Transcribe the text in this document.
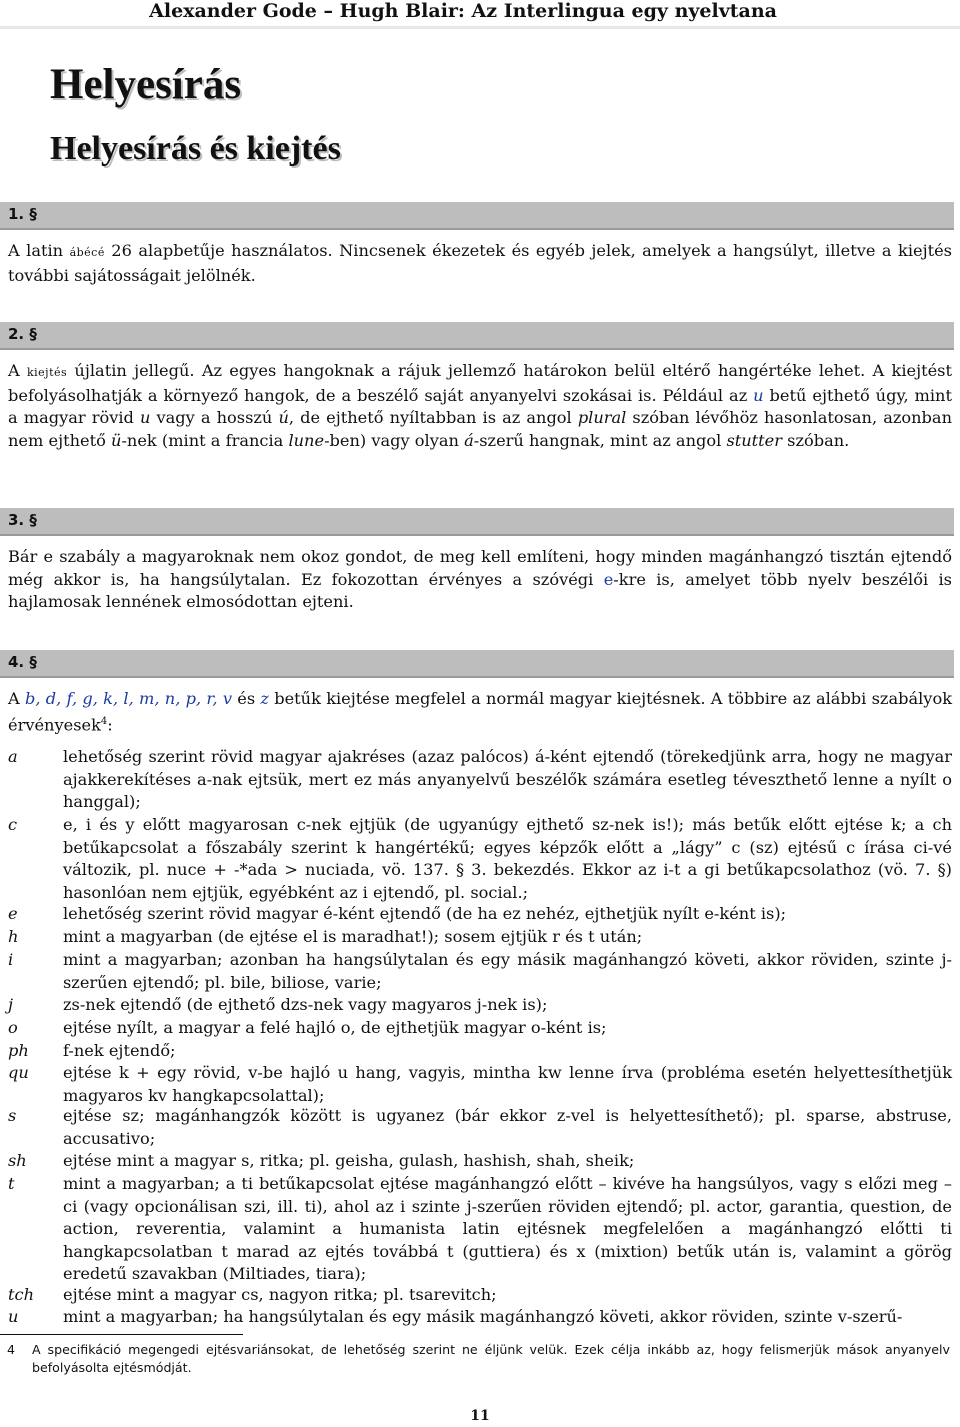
Alexander Gode – Hugh Blair: Az Interlingua egy nyelvtana
Helyesírás
Helyesírás és kiejtés
1. §
A latin ábécé 26 alapbetűje használatos. Nincsenek ékezetek és egyéb jelek, amelyek a hangsúlyt, illetve a kiejtés további sajátosságait jelölnék.
2. §
A kiejtés újlatin jellegű. Az egyes hangoknak a rájuk jellemző határokon belül eltérő hangértéke lehet. A kiejtést befolyásolhatják a környező hangok, de a beszélő saját anyanyelvi szokásai is. Például az u betű ejthető úgy, mint a magyar rövid u vagy a hosszú ú, de ejthető nyíltabban is az angol plural szóban lévőhöz hasonlatosan, azonban nem ejthető ü-nek (mint a francia lune-ben) vagy olyan á-szerű hangnak, mint az angol stutter szóban.
3. §
Bár e szabály a magyaroknak nem okoz gondot, de meg kell említeni, hogy minden magánhangzó tisztán ejtendő még akkor is, ha hangsúlytalan. Ez fokozottan érvényes a szóvégi e-kre is, amelyet több nyelv beszélői is hajlamosak lennének elmosódottan ejteni.
4. §
A b, d, f, g, k, l, m, n, p, r, v és z betűk kiejtése megfelel a normál magyar kiejtésnek. A többire az alábbi szabályok érvényesek$^4$:
a	lehetőség szerint rövid magyar ajakréses (azaz palócos) á-ként ejtendő (törekedjünk arra, hogy ne magyar ajakkerekítéses a-nak ejtsük, mert ez más anyanyelvű beszélők számára esetleg téveszthető lenne a nyílt o hanggal);
c	e, i és y előtt magyarosan c-nek ejtjük (de ugyanúgy ejthető sz-nek is!); más betűk előtt ejtése k; a ch betűkapcsolat a főszabály szerint k hangértékű; egyes képzők előtt a „lágy” c (sz) ejtésű c írása ci-vé változik, pl. nuce + -*ada > nuciada, vö. 137. § 3. bekezdés. Ekkor az i-t a gi betűkapcsolathoz (vö. 7. §) hasonlóan nem ejtjük, egyébként az i ejtendő, pl. social.;
e	lehetőség szerint rövid magyar é-ként ejtendő (de ha ez nehéz, ejthetjük nyílt e-ként is);
h	mint a magyarban (de ejtése el is maradhat!); sosem ejtjük r és t után;
i	mint a magyarban; azonban ha hangsúlytalan és egy másik magánhangzó követi, akkor röviden, szinte j-szerűen ejtendő; pl. bile, biliose, varie;
j	zs-nek ejtendő (de ejthető dzs-nek vagy magyaros j-nek is);
o	ejtése nyílt, a magyar a felé hajló o, de ejthetjük magyar o-ként is;
ph	f-nek ejtendő;
qu	ejtése k + egy rövid, v-be hajló u hang, vagyis, mintha kw lenne írva (probléma esetén helyettesíthetjük magyaros kv hangkapcsolattal);
s	ejtése sz; magánhangzók között is ugyanez (bár ekkor z-vel is helyettesíthető); pl. sparse, abstruse, accusativo;
sh	ejtése mint a magyar s, ritka; pl. geisha, gulash, hashish, shah, sheik;
t	mint a magyarban; a ti betűkapcsolat ejtése magánhangzó előtt – kivéve ha hangsúlyos, vagy s előzi meg – ci (vagy opcionálisan szi, ill. ti), ahol az i szinte j-szerűen röviden ejtendő; pl. actor, garantia, question, de action, reverentia, valamint a humanista latin ejtésnek megfelelően a magánhangzó előtti ti hangkapcsolatban t marad az ejtés továbbá t (guttiera) és x (mixtion) betűk után is, valamint a görög eredetű szavakban (Miltiades, tiara);
tch	ejtése mint a magyar cs, nagyon ritka; pl. tsarevitch;
u	mint a magyarban; ha hangsúlytalan és egy másik magánhangzó követi, akkor röviden, szinte v-szerű-
4 A specifikáció megengedi ejtésvariánsokat, de lehetőség szerint ne éljünk velük. Ezek célja inkább az, hogy felismerjük mások anyanyelv befolyásolta ejtésmódját.
11
